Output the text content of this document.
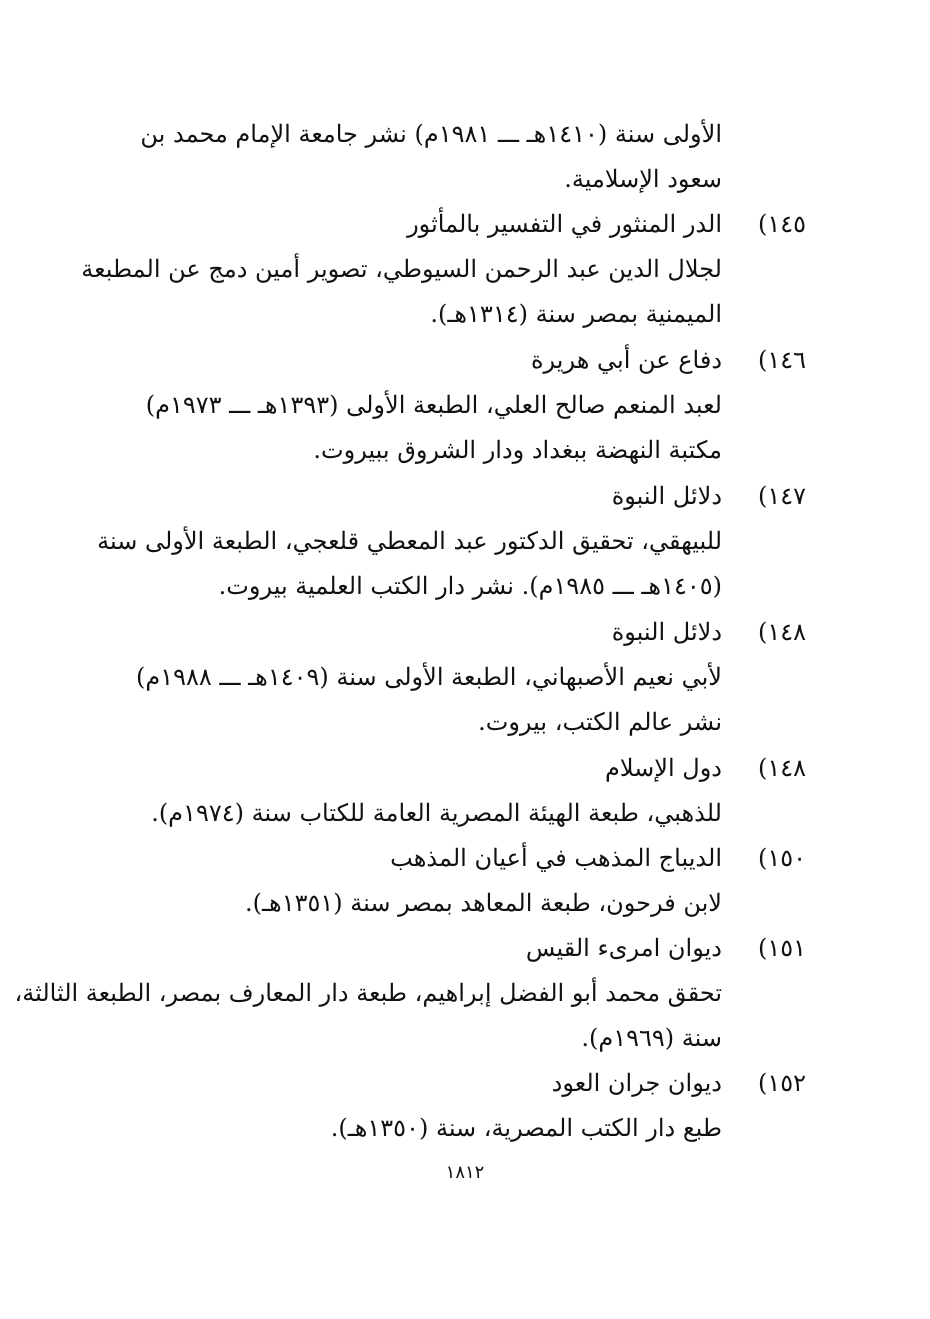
الأولى سنة (١٤١٠هـ ـــ ١٩٨١م) نشر جامعة الإمام محمد بن
سعود الإسلامية.
١٤٥)
الدر المنثور في التفسير بالمأثور
لجلال الدين عبد الرحمن السيوطي، تصوير أمين دمج عن المطبعة
الميمنية بمصر سنة (١٣١٤هـ).
١٤٦)
دفاع عن أبي هريرة
لعبد المنعم صالح العلي، الطبعة الأولى (١٣٩٣هـ ـــ ١٩٧٣م)
مكتبة النهضة ببغداد ودار الشروق ببيروت.
١٤٧)
دلائل النبوة
للبيهقي، تحقيق الدكتور عبد المعطي قلعجي، الطبعة الأولى سنة
(١٤٠٥هـ ـــ ١٩٨٥م). نشر دار الكتب العلمية بيروت.
١٤٨)
دلائل النبوة
لأبي نعيم الأصبهاني، الطبعة الأولى سنة (١٤٠٩هـ ـــ ١٩٨٨م)
نشر عالم الكتب، بيروت.
١٤٨)
دول الإسلام
للذهبي، طبعة الهيئة المصرية العامة للكتاب سنة (١٩٧٤م).
١٥٠)
الديباج المذهب في أعيان المذهب
لابن فرحون، طبعة المعاهد بمصر سنة (١٣٥١هـ).
١٥١)
ديوان امرىء القيس
تحقق محمد أبو الفضل إبراهيم، طبعة دار المعارف بمصر، الطبعة الثالثة،
سنة (١٩٦٩م).
١٥٢)
ديوان جران العود
طبع دار الكتب المصرية، سنة (١٣٥٠هـ).
١٨١٢
